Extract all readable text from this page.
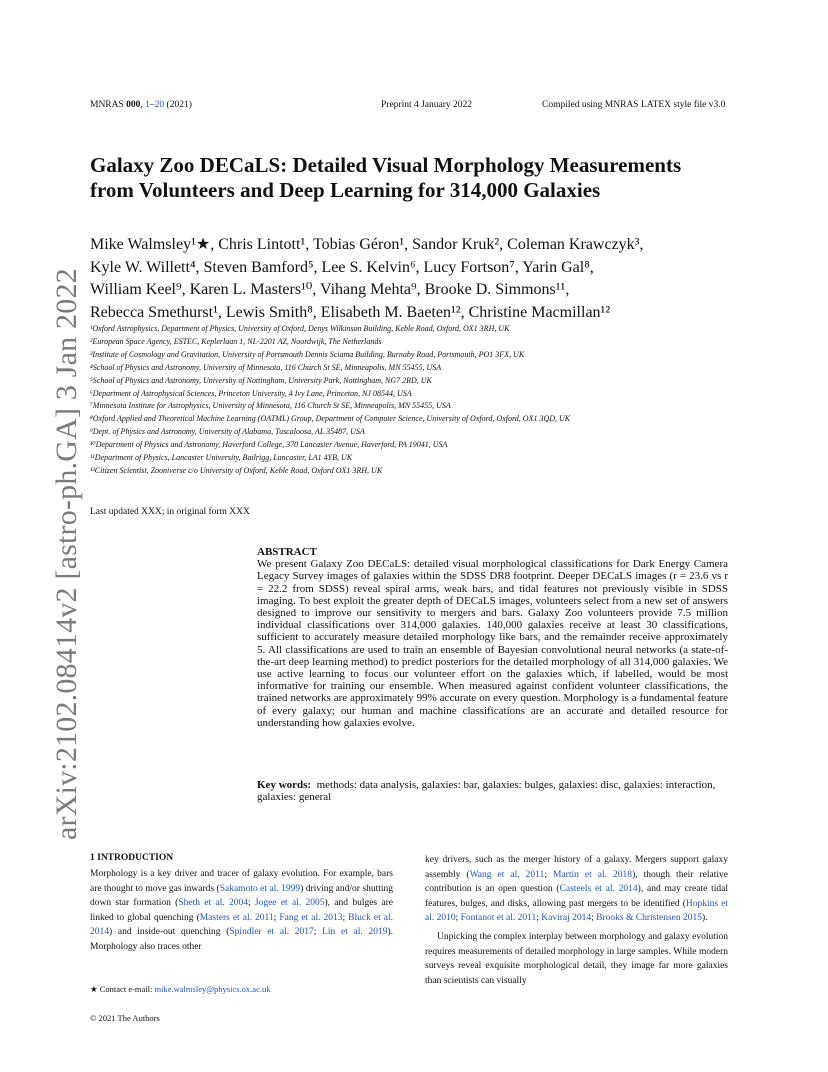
MNRAS 000, 1–20 (2021)	Preprint 4 January 2022	Compiled using MNRAS LATEX style file v3.0
Galaxy Zoo DECaLS: Detailed Visual Morphology Measurements
from Volunteers and Deep Learning for 314,000 Galaxies
Mike Walmsley¹★, Chris Lintott¹, Tobias Géron¹, Sandor Kruk², Coleman Krawczyk³,
Kyle W. Willett⁴, Steven Bamford⁵, Lee S. Kelvin⁶, Lucy Fortson⁷, Yarin Gal⁸,
William Keel⁹, Karen L. Masters¹⁰, Vihang Mehta⁹, Brooke D. Simmons¹¹,
Rebecca Smethurst¹, Lewis Smith⁸, Elisabeth M. Baeten¹², Christine Macmillan¹²
¹Oxford Astrophysics, Department of Physics, University of Oxford, Denys Wilkinson Building, Keble Road, Oxford, OX1 3RH, UK
²European Space Agency, ESTEC, Keplerlaan 1, NL-2201 AZ, Noordwijk, The Netherlands
³Institute of Cosmology and Gravitation, University of Portsmouth Dennis Sciama Building, Burnaby Road, Portsmouth, PO1 3FX, UK
⁴School of Physics and Astronomy, University of Minnesota, 116 Church St SE, Minneapolis, MN 55455, USA
⁵School of Physics and Astronomy, University of Nottingham, University Park, Nottingham, NG7 2RD, UK
⁶Department of Astrophysical Sciences, Princeton University, 4 Ivy Lane, Princeton, NJ 08544, USA
⁷Minnesota Institute for Astrophysics, University of Minnesota, 116 Church St SE, Minneapolis, MN 55455, USA
⁸Oxford Applied and Theoretical Machine Learning (OATML) Group, Department of Computer Science, University of Oxford, Oxford, OX1 3QD, UK
⁹Dept. of Physics and Astronomy, University of Alabama, Tuscaloosa, AL 35487, USA
¹⁰Department of Physics and Astronomy, Haverford College, 370 Lancaster Avenue, Haverford, PA 19041, USA
¹¹Department of Physics, Lancaster University, Bailrigg, Lancaster, LA1 4YB, UK
¹²Citizen Scientist, Zooniverse c/o University of Oxford, Keble Road, Oxford OX1 3RH, UK
Last updated XXX; in original form XXX
ABSTRACT
We present Galaxy Zoo DECaLS: detailed visual morphological classifications for Dark Energy Camera Legacy Survey images of galaxies within the SDSS DR8 footprint. Deeper DECaLS images (r = 23.6 vs r = 22.2 from SDSS) reveal spiral arms, weak bars, and tidal features not previously visible in SDSS imaging. To best exploit the greater depth of DECaLS images, volunteers select from a new set of answers designed to improve our sensitivity to mergers and bars. Galaxy Zoo volunteers provide 7.5 million individual classifications over 314,000 galaxies. 140,000 galaxies receive at least 30 classifications, sufficient to accurately measure detailed morphology like bars, and the remainder receive approximately 5. All classifications are used to train an ensemble of Bayesian convolutional neural networks (a state-of-the-art deep learning method) to predict posteriors for the detailed morphology of all 314,000 galaxies. We use active learning to focus our volunteer effort on the galaxies which, if labelled, would be most informative for training our ensemble. When measured against confident volunteer classifications, the trained networks are approximately 99% accurate on every question. Morphology is a fundamental feature of every galaxy; our human and machine classifications are an accurate and detailed resource for understanding how galaxies evolve.
Key words: methods: data analysis, galaxies: bar, galaxies: bulges, galaxies: disc, galaxies: interaction, galaxies: general
arXiv:2102.08414v2 [astro-ph.GA] 3 Jan 2022
1 INTRODUCTION
Morphology is a key driver and tracer of galaxy evolution. For example, bars are thought to move gas inwards (Sakamoto et al. 1999) driving and/or shutting down star formation (Sheth et al. 2004; Jogee et al. 2005), and bulges are linked to global quenching (Masters et al. 2011; Fang et al. 2013; Bluck et al. 2014) and inside-out quenching (Spindler et al. 2017; Lin et al. 2019). Morphology also traces other
key drivers, such as the merger history of a galaxy. Mergers support galaxy assembly (Wang et al. 2011; Martin et al. 2018), though their relative contribution is an open question (Casteels et al. 2014), and may create tidal features, bulges, and disks, allowing past mergers to be identified (Hopkins et al. 2010; Fontanot et al. 2011; Kaviraj 2014; Brooks & Christensen 2015).
Unpicking the complex interplay between morphology and galaxy evolution requires measurements of detailed morphology in large samples. While modern surveys reveal exquisite morphological detail, they image far more galaxies than scientists can visually
★ Contact e-mail: mike.walmsley@physics.ox.ac.uk
© 2021 The Authors
